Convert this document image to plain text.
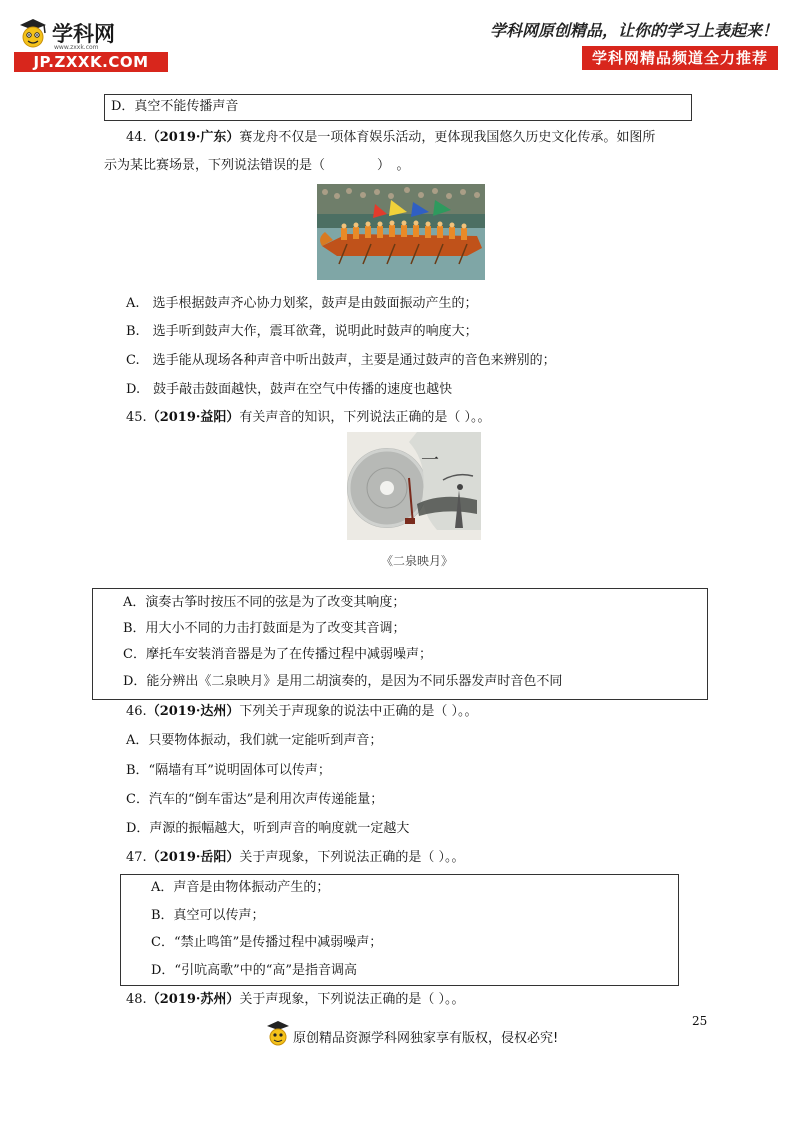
学科网
www.zxxk.com
JP.ZXXK.COM
学科网原创精品，让你的学习上表起来！
学科网精品频道全力推荐
D．真空不能传播声音
44.（2019·广东）赛龙舟不仅是一项体育娱乐活动，更体现我国悠久历史文化传承。如图所
示为某比赛场景，下列说法错误的是（　　　　）　。
A.　选手根据鼓声齐心协力划桨，鼓声是由鼓面振动产生的；
B.　选手听到鼓声大作，震耳欲聋，说明此时鼓声的响度大；
C.　选手能从现场各种声音中听出鼓声，主要是通过鼓声的音色来辨别的；
D.　鼓手敲击鼓面越快，鼓声在空气中传播的速度也越快
45.（2019·益阳）有关声音的知识，下列说法正确的是（ ）。。
一
《二泉映月》
A．演奏古筝时按压不同的弦是为了改变其响度；
B．用大小不同的力击打鼓面是为了改变其音调；
C．摩托车安装消音器是为了在传播过程中减弱噪声；
D．能分辨出《二泉映月》是用二胡演奏的，是因为不同乐器发声时音色不同
46.（2019·达州）下列关于声现象的说法中正确的是（ ）。。
A．只要物体振动，我们就一定能听到声音；
B．“隔墙有耳”说明固体可以传声；
C．汽车的“倒车雷达”是利用次声传递能量；
D．声源的振幅越大，听到声音的响度就一定越大
47.（2019·岳阳）关于声现象，下列说法正确的是（ ）。。
A．声音是由物体振动产生的；
B．真空可以传声；
C．“禁止鸣笛”是传播过程中减弱噪声；
D．“引吭高歌”中的“高”是指音调高
48.（2019·苏州）关于声现象，下列说法正确的是（ ）。。
25
原创精品资源学科网独家享有版权，侵权必究!
